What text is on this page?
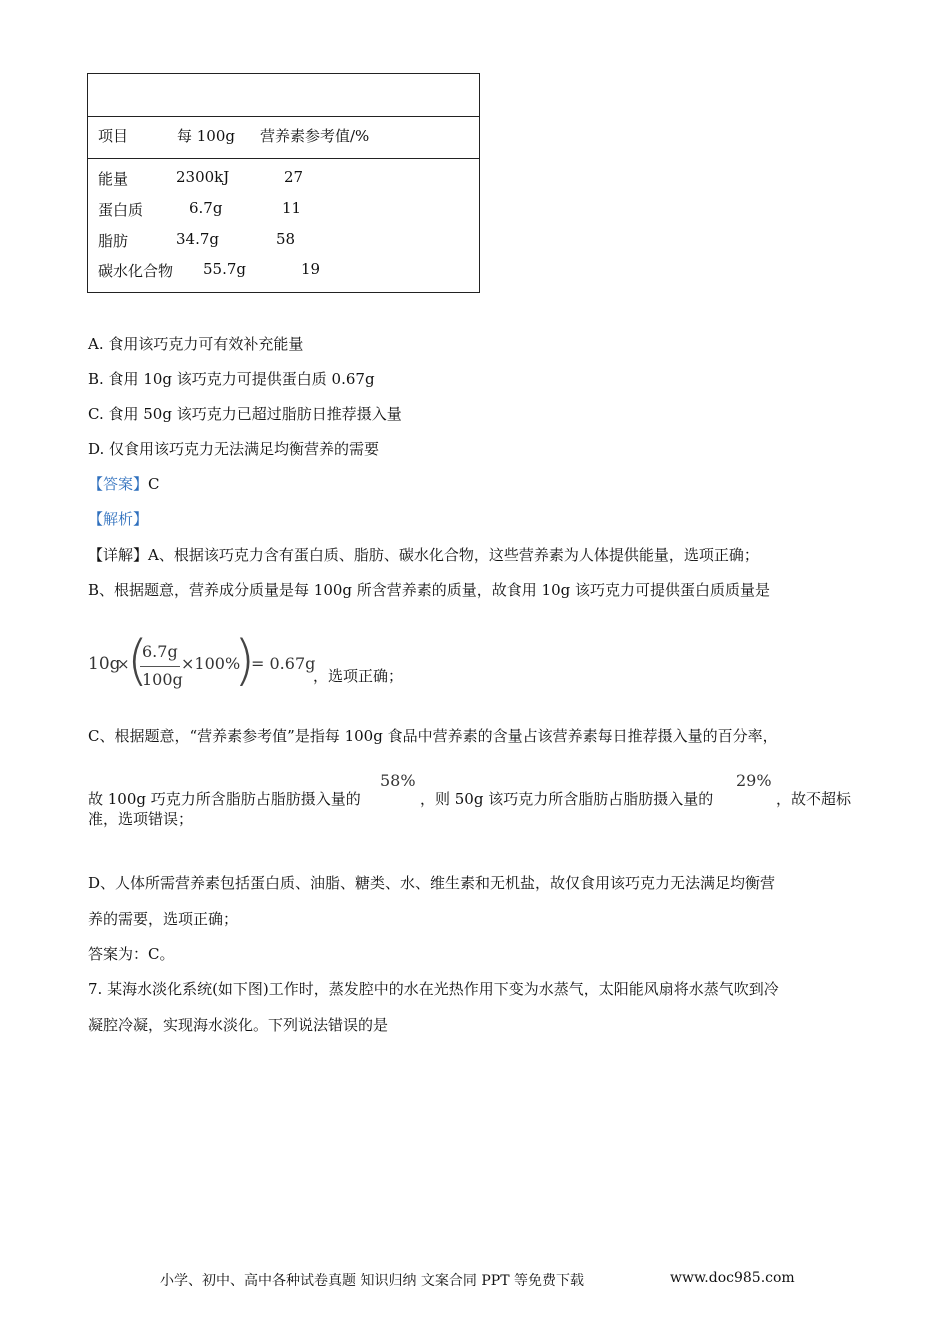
项目	每 100g 营养素参考值/%
能量	2300kJ	27
蛋白质	6.7g	11
脂肪	34.7g	58
碳水化合物 55.7g	19
A. 食用该巧克力可有效补充能量
B. 食用 10g 该巧克力可提供蛋白质 0.67g
C. 食用 50g 该巧克力已超过脂肪日推荐摄入量
D. 仅食用该巧克力无法满足均衡营养的需要
【答案】C
【解析】
【详解】A、根据该巧克力含有蛋白质、脂肪、碳水化合物，这些营养素为人体提供能量，选项正确；
B、根据题意，营养成分质量是每 100g 所含营养素的质量，故食用 10g 该巧克力可提供蛋白质质量是
10g
×
(
6.7g
100g
×100%
)
= 0.67g
，选项正确；
C、根据题意，“营养素参考值”是指每 100g 食品中营养素的含量占该营养素每日推荐摄入量的百分率，
故 100g 巧克力所含脂肪占脂肪摄入量的
58%
，则 50g 该巧克力所含脂肪占脂肪摄入量的
29%
，故不超标
准，选项错误；
D、人体所需营养素包括蛋白质、油脂、糖类、水、维生素和无机盐，故仅食用该巧克力无法满足均衡营
养的需要，选项正确；
答案为：C。
7. 某海水淡化系统(如下图)工作时，蒸发腔中的水在光热作用下变为水蒸气，太阳能风扇将水蒸气吹到冷
凝腔冷凝，实现海水淡化。下列说法错误的是
小学、初中、高中各种试卷真题 知识归纳 文案合同 PPT 等免费下载	www.doc985.com
